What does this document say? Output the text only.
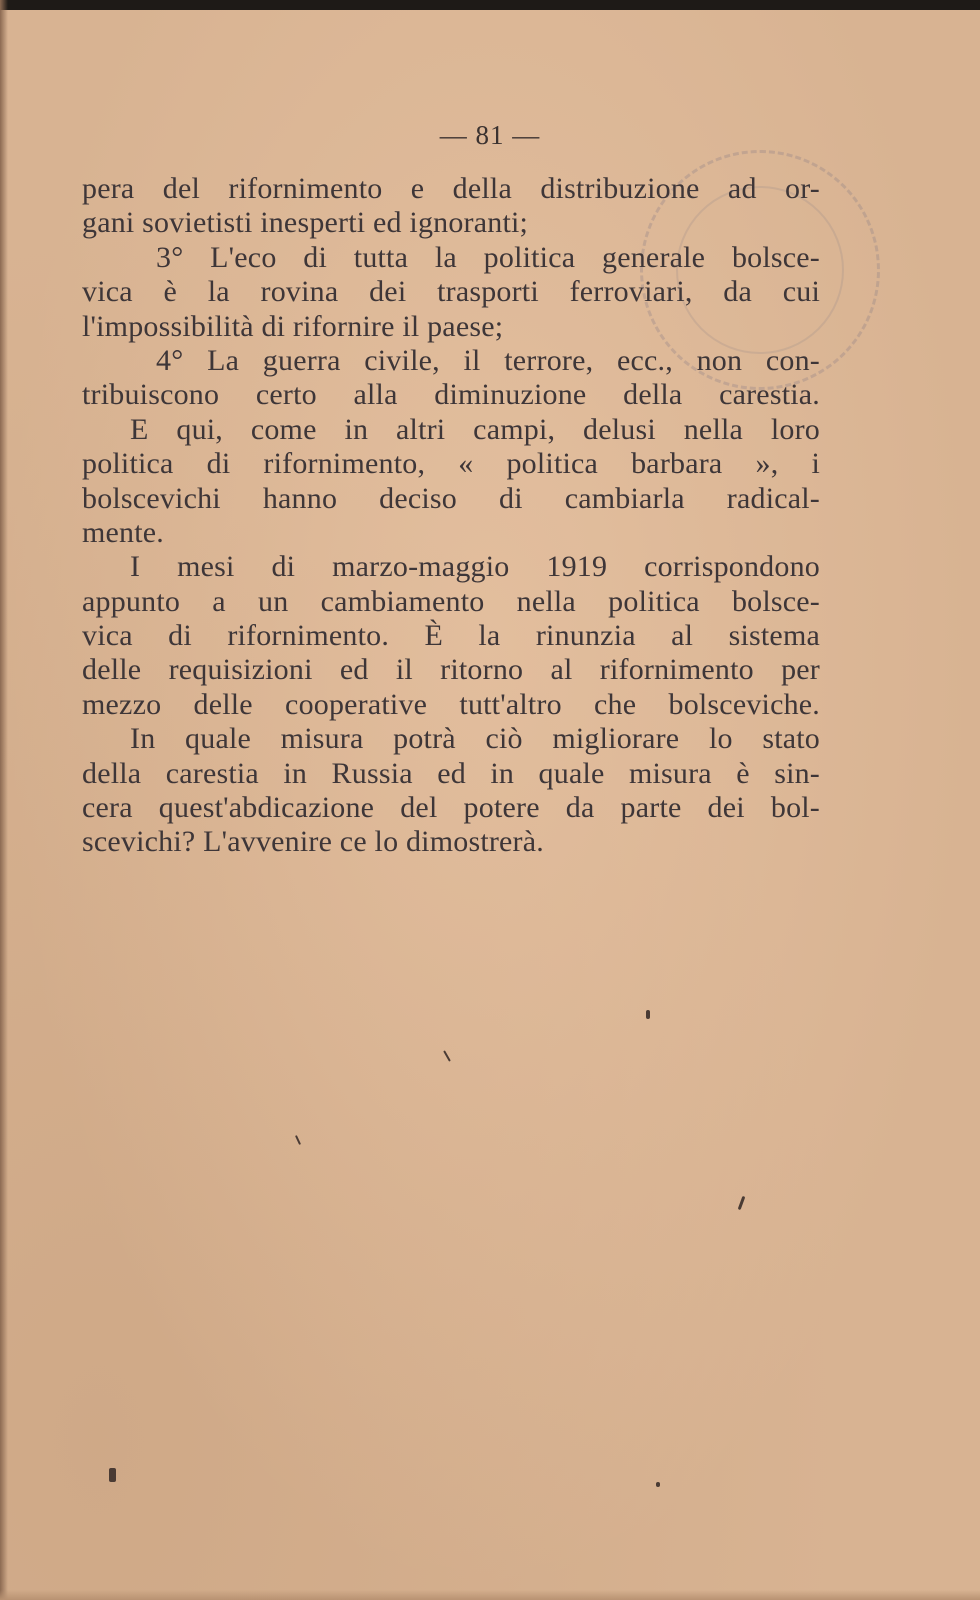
— 81 —
pera del rifornimento e della distribuzione ad or-
gani sovietisti inesperti ed ignoranti;
3° L'eco di tutta la politica generale bolsce-
vica è la rovina dei trasporti ferroviari, da cui
l'impossibilità di rifornire il paese;
4° La guerra civile, il terrore, ecc., non con-
tribuiscono certo alla diminuzione della carestia.
E qui, come in altri campi, delusi nella loro
politica di rifornimento, « politica barbara », i
bolscevichi hanno deciso di cambiarla radical-
mente.
I mesi di marzo-maggio 1919 corrispondono
appunto a un cambiamento nella politica bolsce-
vica di rifornimento. È la rinunzia al sistema
delle requisizioni ed il ritorno al rifornimento per
mezzo delle cooperative tutt'altro che bolsceviche.
In quale misura potrà ciò migliorare lo stato
della carestia in Russia ed in quale misura è sin-
cera quest'abdicazione del potere da parte dei bol-
scevichi? L'avvenire ce lo dimostrerà.
